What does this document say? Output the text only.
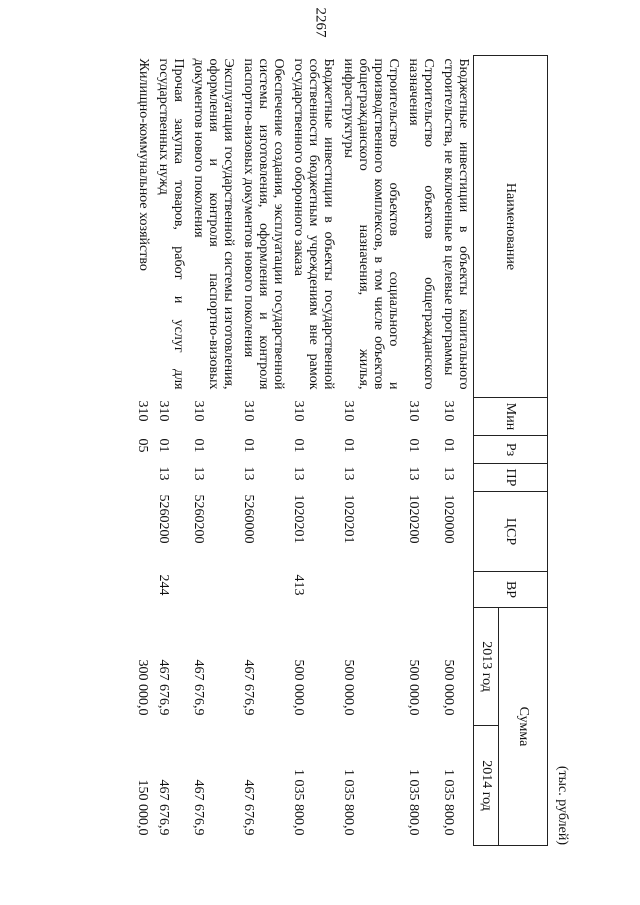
2267
(тыс. рублей)
Наименование	Мин	Рз	ПР	ЦСР	ВР	Сумма	
						2013 год	2014 год
Бюджетные инвестиции в объекты капитального строительства, не включенные в целевые программы	310	01	13	1020000		500 000,0	1 035 800,0
Строительство объектов общегражданского назначения	310	01	13	1020200		500 000,0	1 035 800,0
Строительство объектов социального и производственного комплексов, в том числе объектов общегражданского назначения, жилья, инфраструктуры	310	01	13	1020201		500 000,0	1 035 800,0
Бюджетные инвестиции в объекты государственной собственности бюджетным учреждениям вне рамок государственного оборонного заказа	310	01	13	1020201	413	500 000,0	1 035 800,0
Обеспечение создания, эксплуатации государственной системы изготовления, оформления и контроля паспортно-визовых документов нового поколения	310	01	13	5260000		467 676,9	467 676,9
Эксплуатация государственной системы изготовления, оформления и контроля паспортно-визовых документов нового поколения	310	01	13	5260200		467 676,9	467 676,9
Прочая закупка товаров, работ и услуг для государственных нужд	310	01	13	5260200	244	467 676,9	467 676,9
Жилищно-коммунальное хозяйство	310	05				300 000,0	150 000,0
